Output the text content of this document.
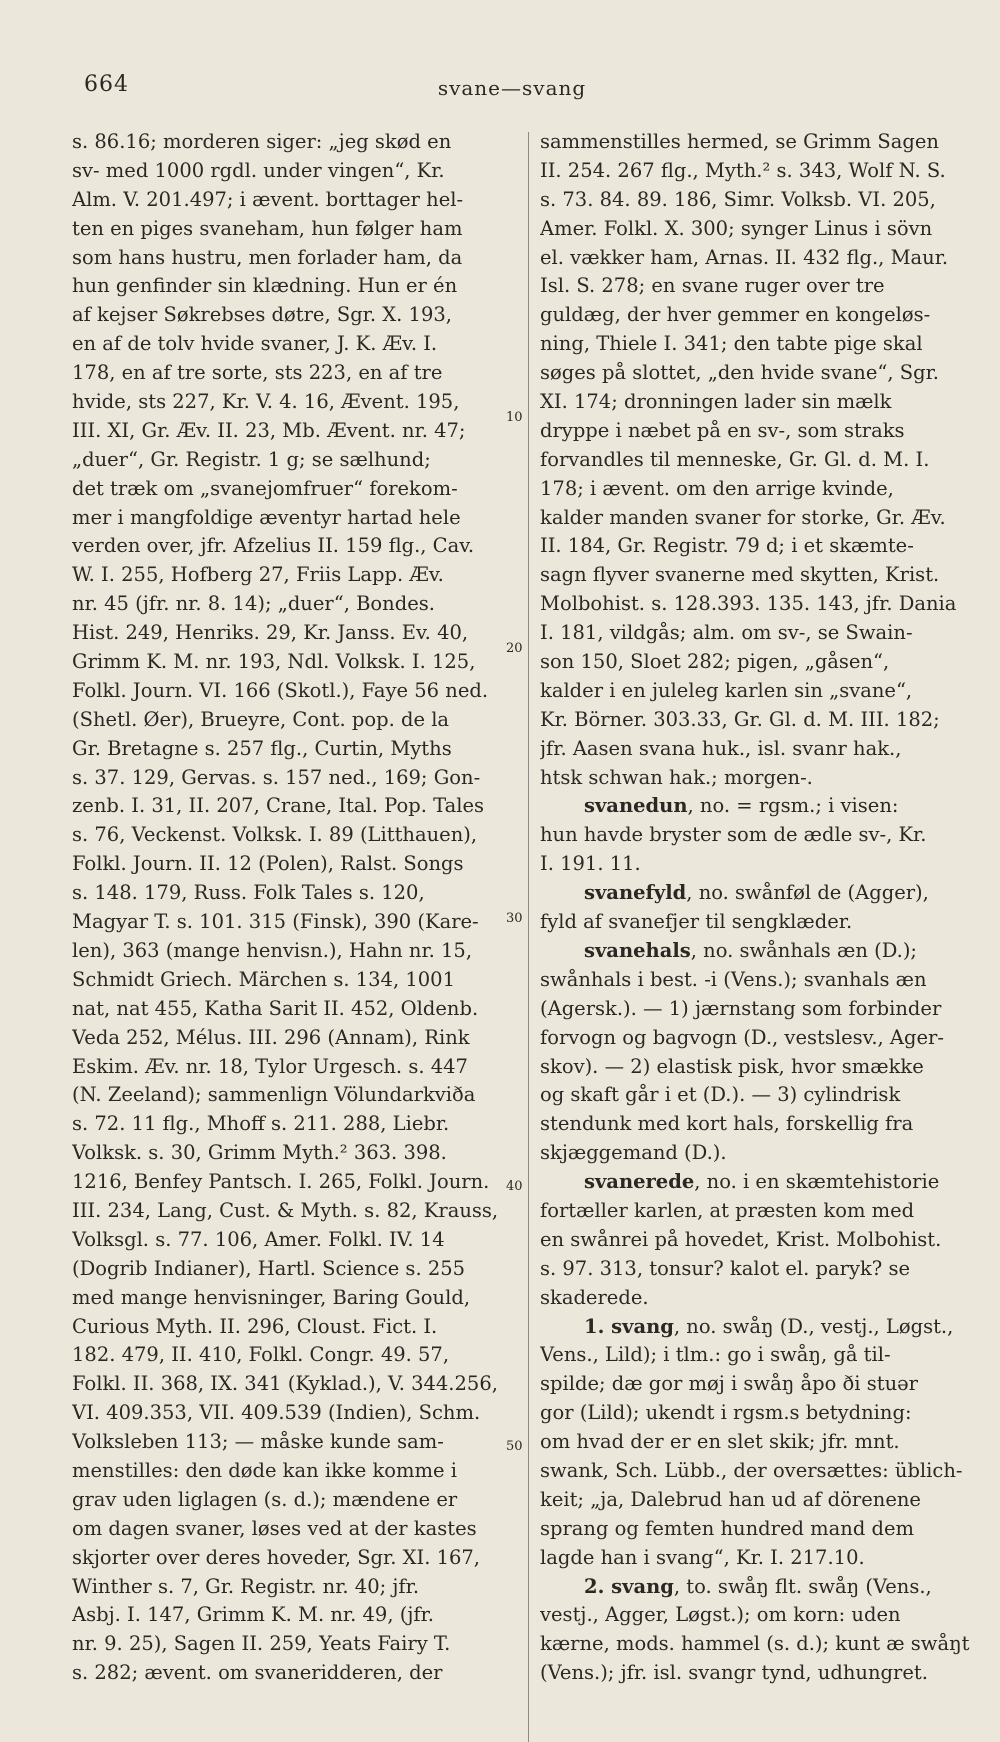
664	svane—svang
s. 86.16; morderen siger: „jeg skød en
sv- med 1000 rgdl. under vingen“, Kr.
Alm. V. 201.497; i ævent. borttager hel-
ten en piges svaneham, hun følger ham
som hans hustru, men forlader ham, da
hun genfinder sin klædning. Hun er én
af kejser Søkrebses døtre, Sgr. X. 193,
en af de tolv hvide svaner, J. K. Æv. I.
178, en af tre sorte, sts 223, en af tre
hvide, sts 227, Kr. V. 4. 16, Ævent. 195,
III. XI, Gr. Æv. II. 23, Mb. Ævent. nr. 47;
„duer“, Gr. Registr. 1 g; se sælhund;
det træk om „svanejomfruer“ forekom-
mer i mangfoldige æventyr hartad hele
verden over, jfr. Afzelius II. 159 flg., Cav.
W. I. 255, Hofberg 27, Friis Lapp. Æv.
nr. 45 (jfr. nr. 8. 14); „duer“, Bondes.
Hist. 249, Henriks. 29, Kr. Janss. Ev. 40,
Grimm K. M. nr. 193, Ndl. Volksk. I. 125,
Folkl. Journ. VI. 166 (Skotl.), Faye 56 ned.
(Shetl. Øer), Brueyre, Cont. pop. de la
Gr. Bretagne s. 257 flg., Curtin, Myths
s. 37. 129, Gervas. s. 157 ned., 169; Gon-
zenb. I. 31, II. 207, Crane, Ital. Pop. Tales
s. 76, Veckenst. Volksk. I. 89 (Litthauen),
Folkl. Journ. II. 12 (Polen), Ralst. Songs
s. 148. 179, Russ. Folk Tales s. 120,
Magyar T. s. 101. 315 (Finsk), 390 (Kare-
len), 363 (mange henvisn.), Hahn nr. 15,
Schmidt Griech. Märchen s. 134, 1001
nat, nat 455, Katha Sarit II. 452, Oldenb.
Veda 252, Mélus. III. 296 (Annam), Rink
Eskim. Æv. nr. 18, Tylor Urgesch. s. 447
(N. Zeeland); sammenlign Völundarkviða
s. 72. 11 flg., Mhoff s. 211. 288, Liebr.
Volksk. s. 30, Grimm Myth.² 363. 398.
1216, Benfey Pantsch. I. 265, Folkl. Journ.
III. 234, Lang, Cust. & Myth. s. 82, Krauss,
Volksgl. s. 77. 106, Amer. Folkl. IV. 14
(Dogrib Indianer), Hartl. Science s. 255
med mange henvisninger, Baring Gould,
Curious Myth. II. 296, Cloust. Fict. I.
182. 479, II. 410, Folkl. Congr. 49. 57,
Folkl. II. 368, IX. 341 (Kyklad.), V. 344.256,
VI. 409.353, VII. 409.539 (Indien), Schm.
Volksleben 113; — måske kunde sam-
menstilles: den døde kan ikke komme i
grav uden liglagen (s. d.); mændene er
om dagen svaner, løses ved at der kastes
skjorter over deres hoveder, Sgr. XI. 167,
Winther s. 7, Gr. Registr. nr. 40; jfr.
Asbj. I. 147, Grimm K. M. nr. 49, (jfr.
nr. 9. 25), Sagen II. 259, Yeats Fairy T.
s. 282; ævent. om svaneridderen, der
sammenstilles hermed, se Grimm Sagen
II. 254. 267 flg., Myth.² s. 343, Wolf N. S.
s. 73. 84. 89. 186, Simr. Volksb. VI. 205,
Amer. Folkl. X. 300; synger Linus i sövn
el. vækker ham, Arnas. II. 432 flg., Maur.
Isl. S. 278; en svane ruger over tre
guldæg, der hver gemmer en kongeløs-
ning, Thiele I. 341; den tabte pige skal
søges på slottet, „den hvide svane“, Sgr.
XI. 174; dronningen lader sin mælk
dryppe i næbet på en sv-, som straks
forvandles til menneske, Gr. Gl. d. M. I.
178; i ævent. om den arrige kvinde,
kalder manden svaner for storke, Gr. Æv.
II. 184, Gr. Registr. 79 d; i et skæmte-
sagn flyver svanerne med skytten, Krist.
Molbohist. s. 128.393. 135. 143, jfr. Dania
I. 181, vildgås; alm. om sv-, se Swain-
son 150, Sloet 282; pigen, „gåsen“,
kalder i en juleleg karlen sin „svane“,
Kr. Börner. 303.33, Gr. Gl. d. M. III. 182;
jfr. Aasen svana huk., isl. svanr hak.,
htsk schwan hak.; morgen-.
svanedun, no. = rgsm.; i visen:
hun havde bryster som de ædle sv-, Kr.
I. 191. 11.
svanefyld, no. swånføl de (Agger),
fyld af svanefjer til sengklæder.
svanehals, no. swånhals æn (D.);
swånhals i best. -i (Vens.); svanhals æn
(Agersk.). — 1) jærnstang som forbinder
forvogn og bagvogn (D., vestslesv., Ager-
skov). — 2) elastisk pisk, hvor smække
og skaft går i et (D.). — 3) cylindrisk
stendunk med kort hals, forskellig fra
skjæggemand (D.).
svanerede, no. i en skæmtehistorie
fortæller karlen, at præsten kom med
en swånrei på hovedet, Krist. Molbohist.
s. 97. 313, tonsur? kalot el. paryk? se
skaderede.
1. svang, no. swåŋ (D., vestj., Løgst.,
Vens., Lild); i tlm.: go i swåŋ, gå til-
spilde; dæ gor møj i swåŋ åpo ði stuər
gor (Lild); ukendt i rgsm.s betydning:
om hvad der er en slet skik; jfr. mnt.
swank, Sch. Lübb., der oversættes: üblich-
keit; „ja, Dalebrud han ud af dörenene
sprang og femten hundred mand dem
lagde han i svang“, Kr. I. 217.10.
2. svang, to. swåŋ flt. swåŋ (Vens.,
vestj., Agger, Løgst.); om korn: uden
kærne, mods. hammel (s. d.); kunt æ swåŋt
(Vens.); jfr. isl. svangr tynd, udhungret.
10
20
30
40
50
